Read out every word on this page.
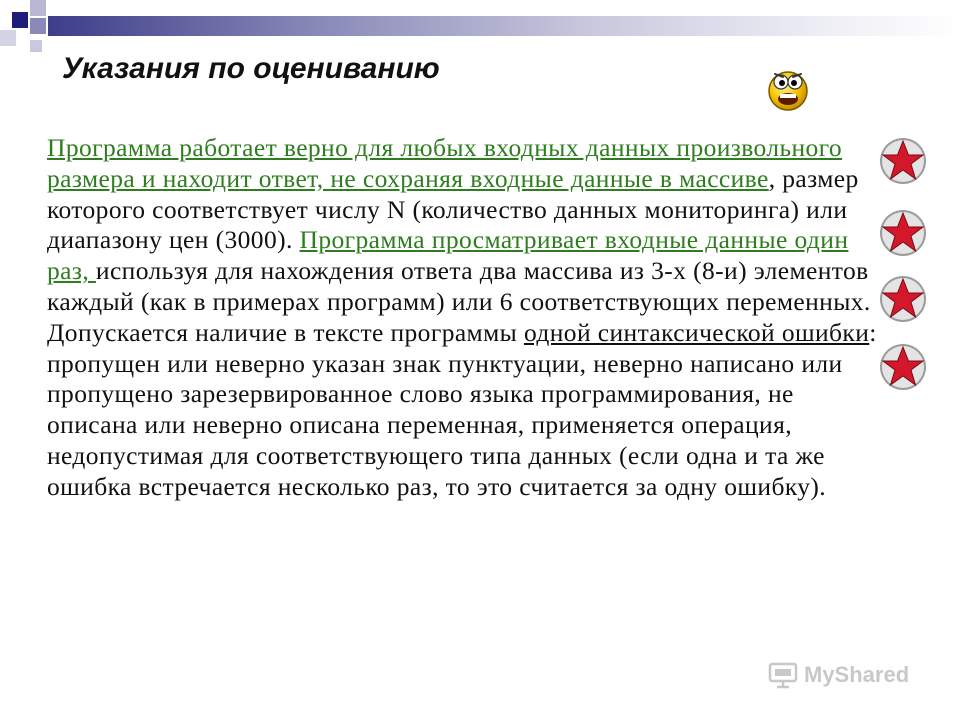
Указания по оцениванию

Программа работает верно для любых входных данных произвольного размера и находит ответ, не сохраняя входные данные в массиве, размер которого соответствует числу N (количество данных мониторинга) или диапазону цен (3000). Программа просматривает входные данные один раз, используя для нахождения ответа два массива из 3-х (8-и) элементов каждый (как в примерах программ) или 6 соответствующих переменных. Допускается наличие в тексте программы одной синтаксической ошибки: пропущен или неверно указан знак пунктуации, неверно написано или пропущено зарезервированное слово языка программирования, не описана или неверно описана переменная, применяется операция, недопустимая для соответствующего типа данных (если одна и та же ошибка встречается несколько раз, то это считается за одну ошибку).

MyShared
